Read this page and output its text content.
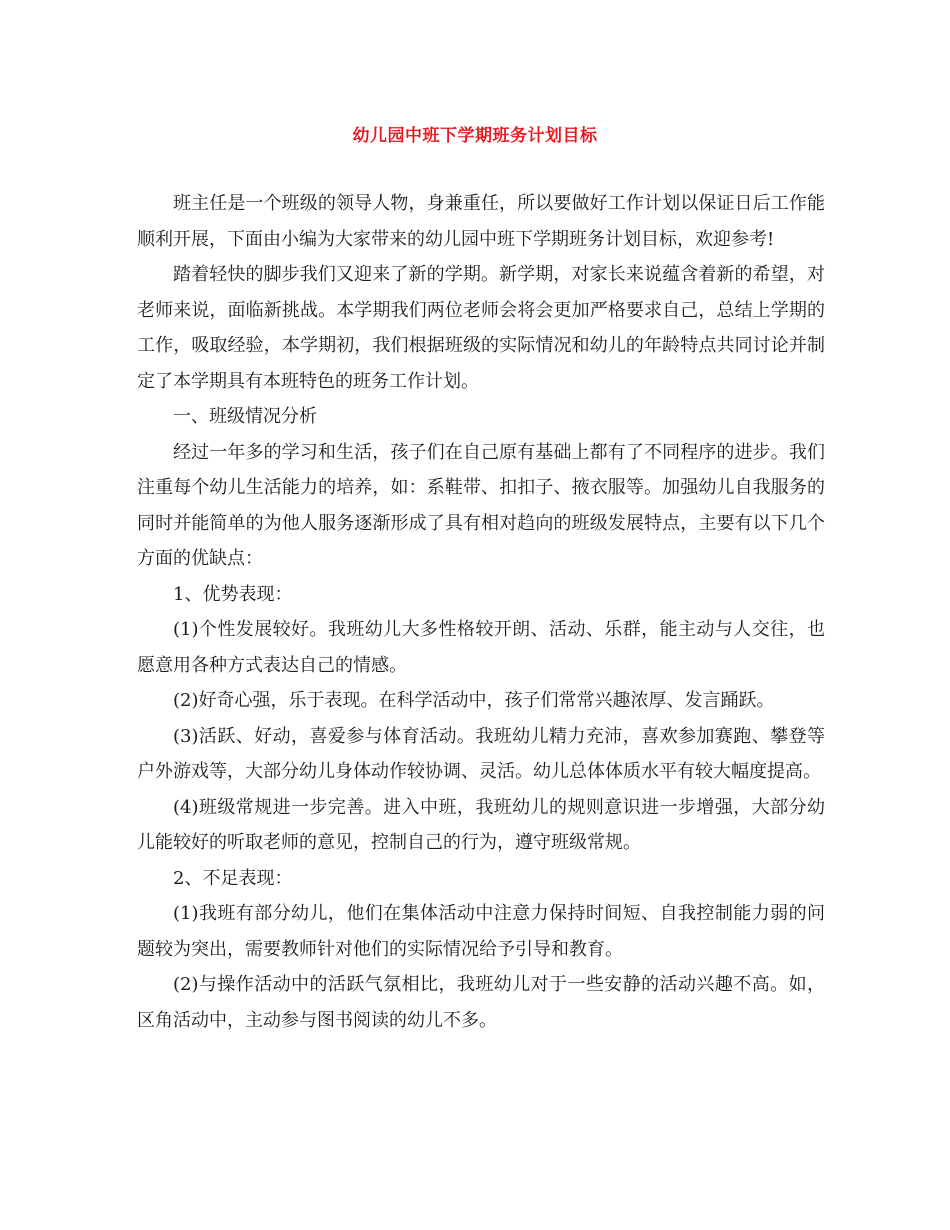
幼儿园中班下学期班务计划目标

班主任是一个班级的领导人物，身兼重任，所以要做好工作计划以保证日后工作能顺利开展，下面由小编为大家带来的幼儿园中班下学期班务计划目标，欢迎参考!

踏着轻快的脚步我们又迎来了新的学期。新学期，对家长来说蕴含着新的希望，对老师来说，面临新挑战。本学期我们两位老师会将会更加严格要求自己，总结上学期的工作，吸取经验，本学期初，我们根据班级的实际情况和幼儿的年龄特点共同讨论并制定了本学期具有本班特色的班务工作计划。

一、班级情况分析

经过一年多的学习和生活，孩子们在自己原有基础上都有了不同程序的进步。我们注重每个幼儿生活能力的培养，如：系鞋带、扣扣子、掖衣服等。加强幼儿自我服务的同时并能简单的为他人服务逐渐形成了具有相对趋向的班级发展特点，主要有以下几个方面的优缺点：

1、优势表现：

(1)个性发展较好。我班幼儿大多性格较开朗、活动、乐群，能主动与人交往，也愿意用各种方式表达自己的情感。

(2)好奇心强，乐于表现。在科学活动中，孩子们常常兴趣浓厚、发言踊跃。

(3)活跃、好动，喜爱参与体育活动。我班幼儿精力充沛，喜欢参加赛跑、攀登等户外游戏等，大部分幼儿身体动作较协调、灵活。幼儿总体体质水平有较大幅度提高。

(4)班级常规进一步完善。进入中班，我班幼儿的规则意识进一步增强，大部分幼儿能较好的听取老师的意见，控制自己的行为，遵守班级常规。

2、不足表现：

(1)我班有部分幼儿，他们在集体活动中注意力保持时间短、自我控制能力弱的问题较为突出，需要教师针对他们的实际情况给予引导和教育。

(2)与操作活动中的活跃气氛相比，我班幼儿对于一些安静的活动兴趣不高。如，区角活动中，主动参与图书阅读的幼儿不多。
